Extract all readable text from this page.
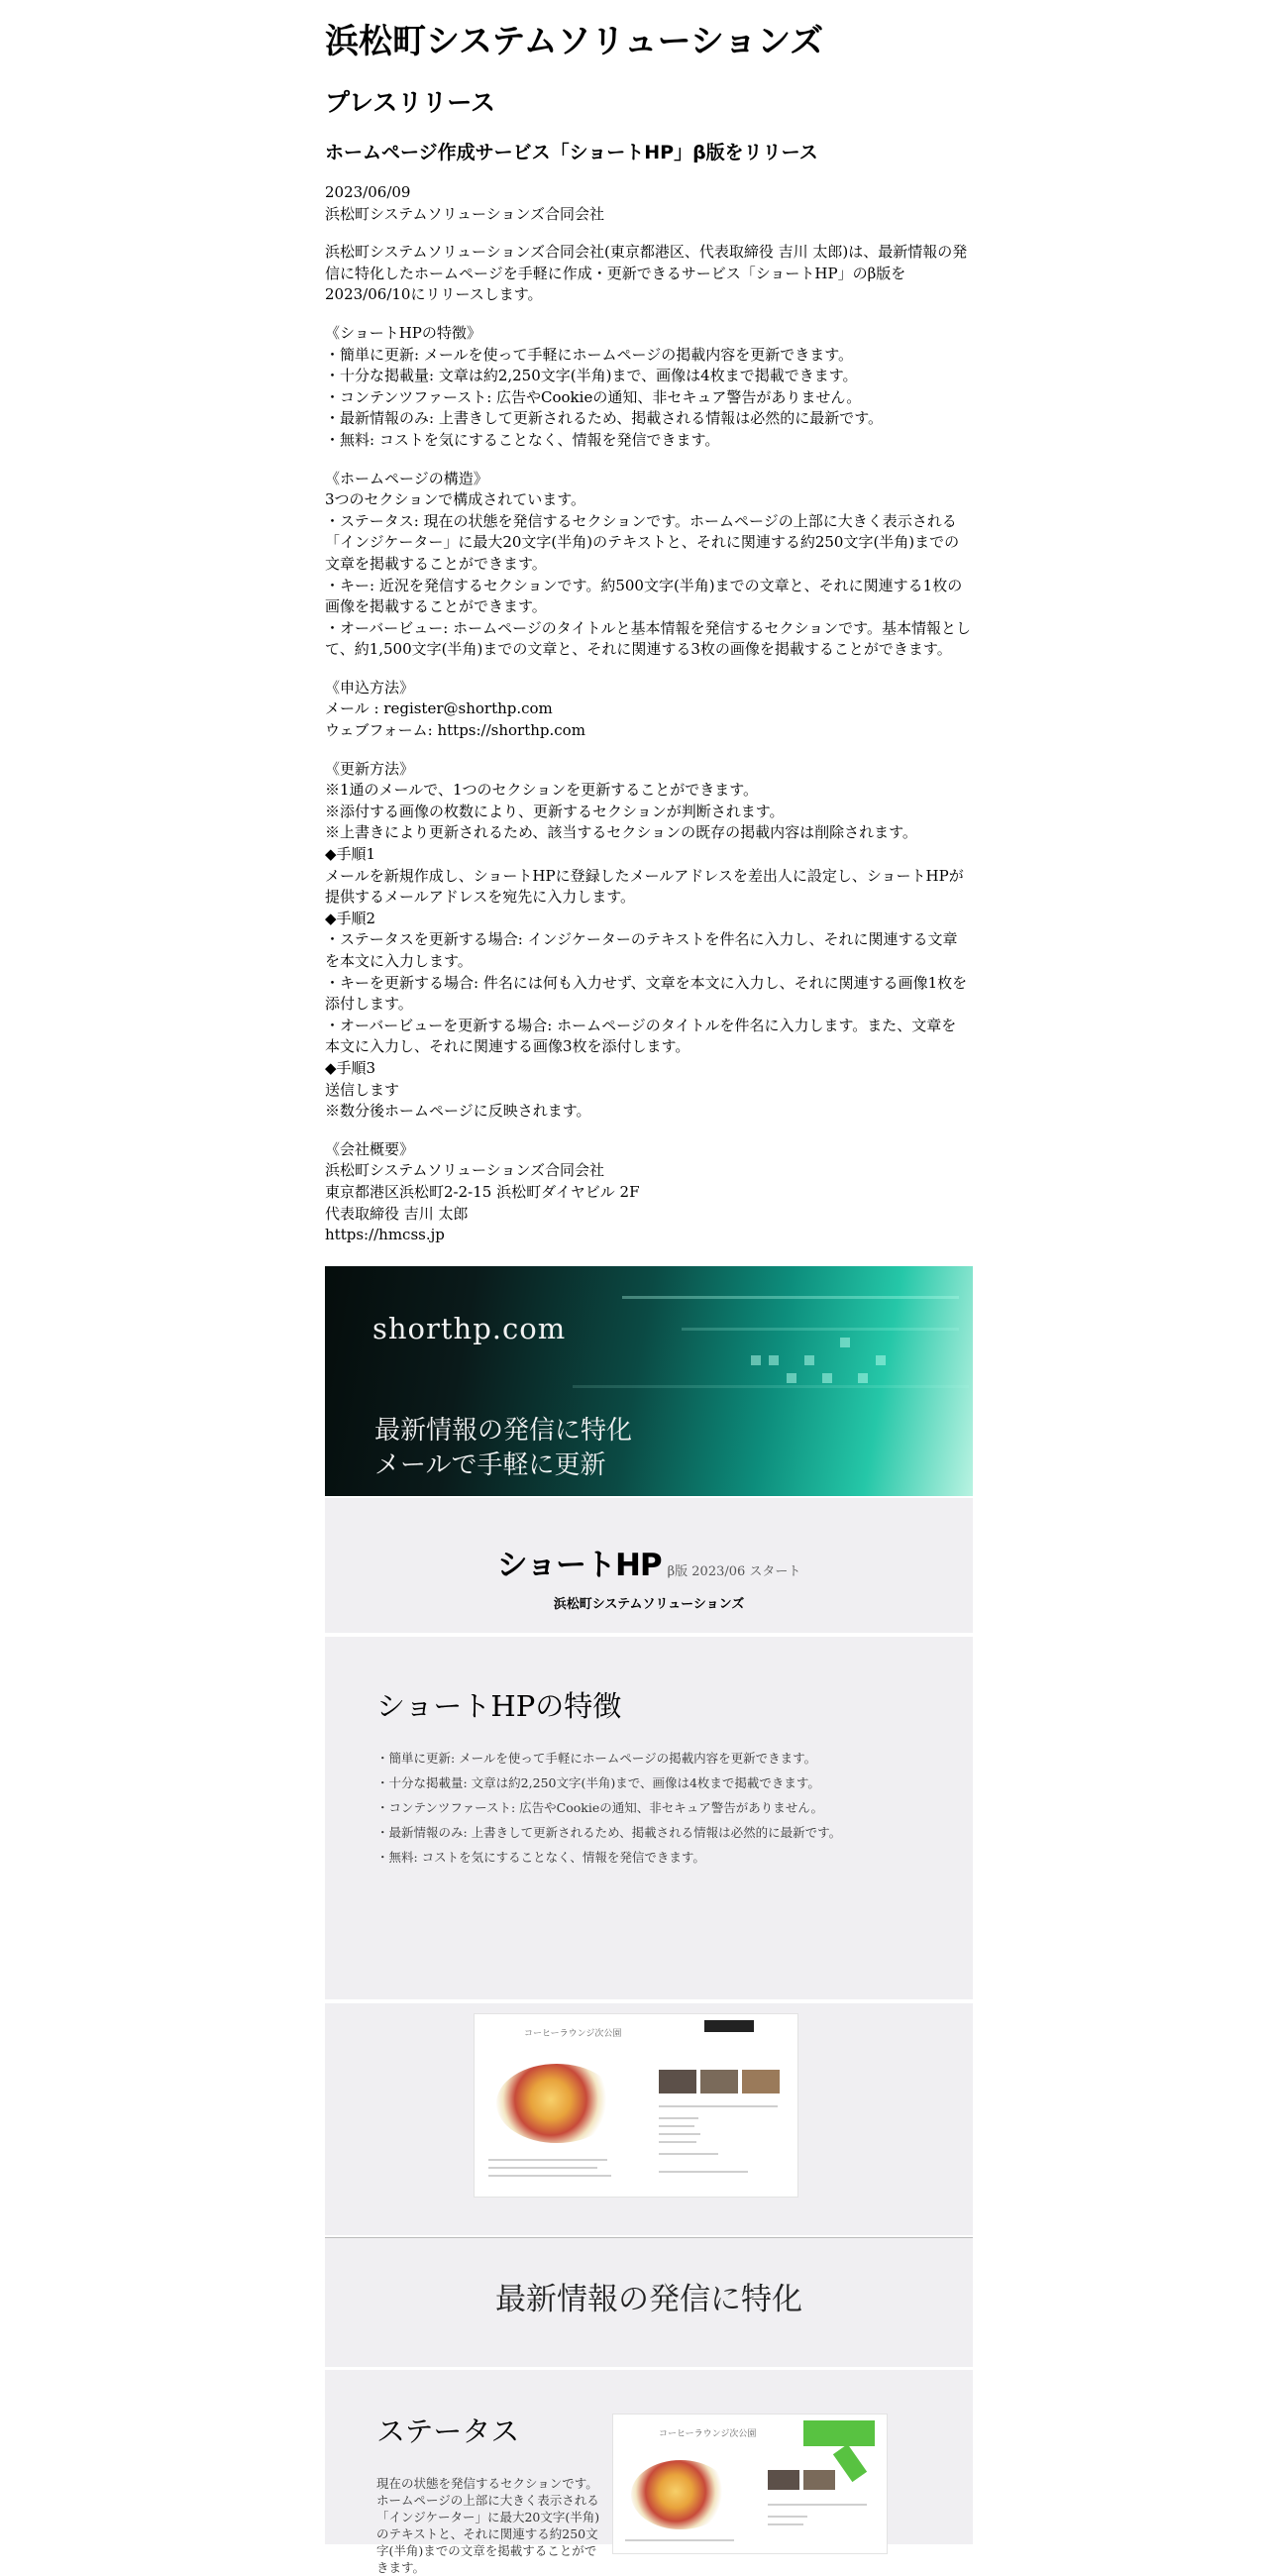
浜松町システムソリューションズ
プレスリリース
ホームページ作成サービス「ショートHP」β版をリリース

2023/06/09
浜松町システムソリューションズ合同会社

浜松町システムソリューションズ合同会社(東京都港区、代表取締役 吉川 太郎)は、最新情報の発信に特化したホームページを手軽に作成・更新できるサービス「ショートHP」のβ版を2023/06/10にリリースします。

《ショートHPの特徴》
・簡単に更新: メールを使って手軽にホームページの掲載内容を更新できます。
・十分な掲載量: 文章は約2,250文字(半角)まで、画像は4枚まで掲載できます。
・コンテンツファースト: 広告やCookieの通知、非セキュア警告がありません。
・最新情報のみ: 上書きして更新されるため、掲載される情報は必然的に最新です。
・無料: コストを気にすることなく、情報を発信できます。

《ホームページの構造》
3つのセクションで構成されています。
・ステータス: 現在の状態を発信するセクションです。ホームページの上部に大きく表示される「インジケーター」に最大20文字(半角)のテキストと、それに関連する約250文字(半角)までの文章を掲載することができます。
・キー: 近況を発信するセクションです。約500文字(半角)までの文章と、それに関連する1枚の画像を掲載することができます。
・オーバービュー: ホームページのタイトルと基本情報を発信するセクションです。基本情報として、約1,500文字(半角)までの文章と、それに関連する3枚の画像を掲載することができます。

《申込方法》
メール : register@shorthp.com
ウェブフォーム: https://shorthp.com

《更新方法》
※1通のメールで、1つのセクションを更新することができます。
※添付する画像の枚数により、更新するセクションが判断されます。
※上書きにより更新されるため、該当するセクションの既存の掲載内容は削除されます。
◆手順1
メールを新規作成し、ショートHPに登録したメールアドレスを差出人に設定し、ショートHPが提供するメールアドレスを宛先に入力します。
◆手順2
・ステータスを更新する場合: インジケーターのテキストを件名に入力し、それに関連する文章を本文に入力します。
・キーを更新する場合: 件名には何も入力せず、文章を本文に入力し、それに関連する画像1枚を添付します。
・オーバービューを更新する場合: ホームページのタイトルを件名に入力します。また、文章を本文に入力し、それに関連する画像3枚を添付します。
◆手順3
送信します
※数分後ホームページに反映されます。

《会社概要》
浜松町システムソリューションズ合同会社
東京都港区浜松町2-2-15 浜松町ダイヤビル 2F
代表取締役 吉川 太郎
https://hmcss.jp

shorthp.com
最新情報の発信に特化
メールで手軽に更新
ショートHP β版 2023/06 スタート
浜松町システムソリューションズ
ショートHPの特徴
・簡単に更新: メールを使って手軽にホームページの掲載内容を更新できます。
・十分な掲載量: 文章は約2,250文字(半角)まで、画像は4枚まで掲載できます。
・コンテンツファースト: 広告やCookieの通知、非セキュア警告がありません。
・最新情報のみ: 上書きして更新されるため、掲載される情報は必然的に最新です。
・無料: コストを気にすることなく、情報を発信できます。
コーヒーラウンジ次公園
最新情報の発信に特化
ステータス
現在の状態を発信するセクションです。ホームページの上部に大きく表示される「インジケーター」に最大20文字(半角)のテキストと、それに関連する約250文字(半角)までの文章を掲載することができます。
コーヒーラウンジ次公園
